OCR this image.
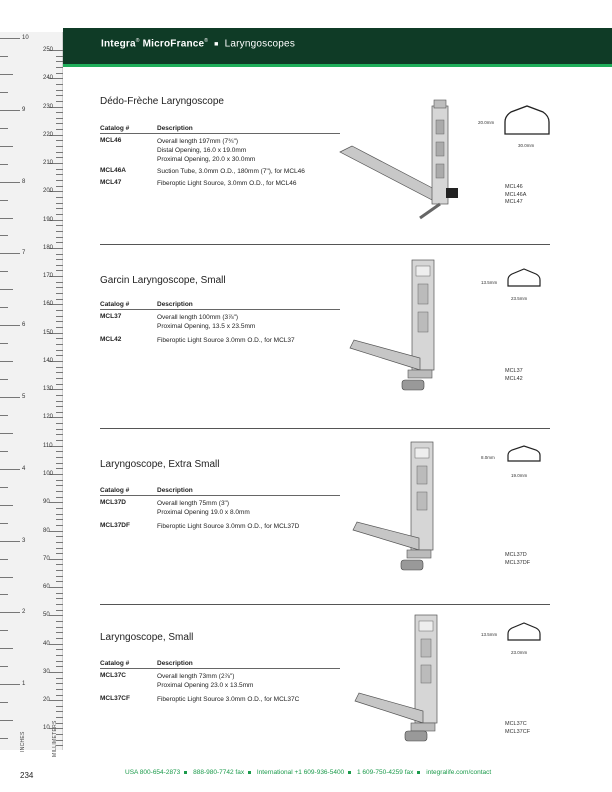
10
9
8
7
6
5
4
3
2
1
250
240
230
220
210
200
190
180
170
160
150
140
130
120
110
100
90
80
70
60
50
40
30
20
10
INCHES	MILLIMETERS
Integra® MicroFrance® ■ Laryngoscopes
Dédo-Frèche Laryngoscope
Catalog #	Description
MCL46	Overall length 197mm (7¾")
Distal Opening, 16.0 x 19.0mm
Proximal Opening, 20.0 x 30.0mm
MCL46A	Suction Tube, 3.0mm O.D., 180mm (7"), for MCL46
MCL47	Fiberoptic Light Source, 3.0mm O.D., for MCL46
20.0mm
30.0mm
MCL46
MCL46A
MCL47
Garcin Laryngoscope, Small
Catalog #	Description
MCL37	Overall length 100mm (3⅞")
Proximal Opening, 13.5 x 23.5mm
MCL42	Fiberoptic Light Source 3.0mm O.D., for MCL37
13.5mm
23.5mm
MCL37
MCL42
Laryngoscope, Extra Small
Catalog #	Description
MCL37D	Overall length 75mm (3")
Proximal Opening 19.0 x 8.0mm
MCL37DF	Fiberoptic Light Source 3.0mm O.D., for MCL37D
8.0mm
19.0mm
MCL37D
MCL37DF
Laryngoscope, Small
Catalog #	Description
MCL37C	Overall length 73mm (2⅞")
Proximal Opening 23.0 x 13.5mm
MCL37CF	Fiberoptic Light Source 3.0mm O.D., for MCL37C
13.5mm
23.0mm
MCL37C
MCL37CF
234	USA 800-654-2873 888-980-7742 fax International +1 609-936-5400 1 609-750-4259 fax integralife.com/contact
